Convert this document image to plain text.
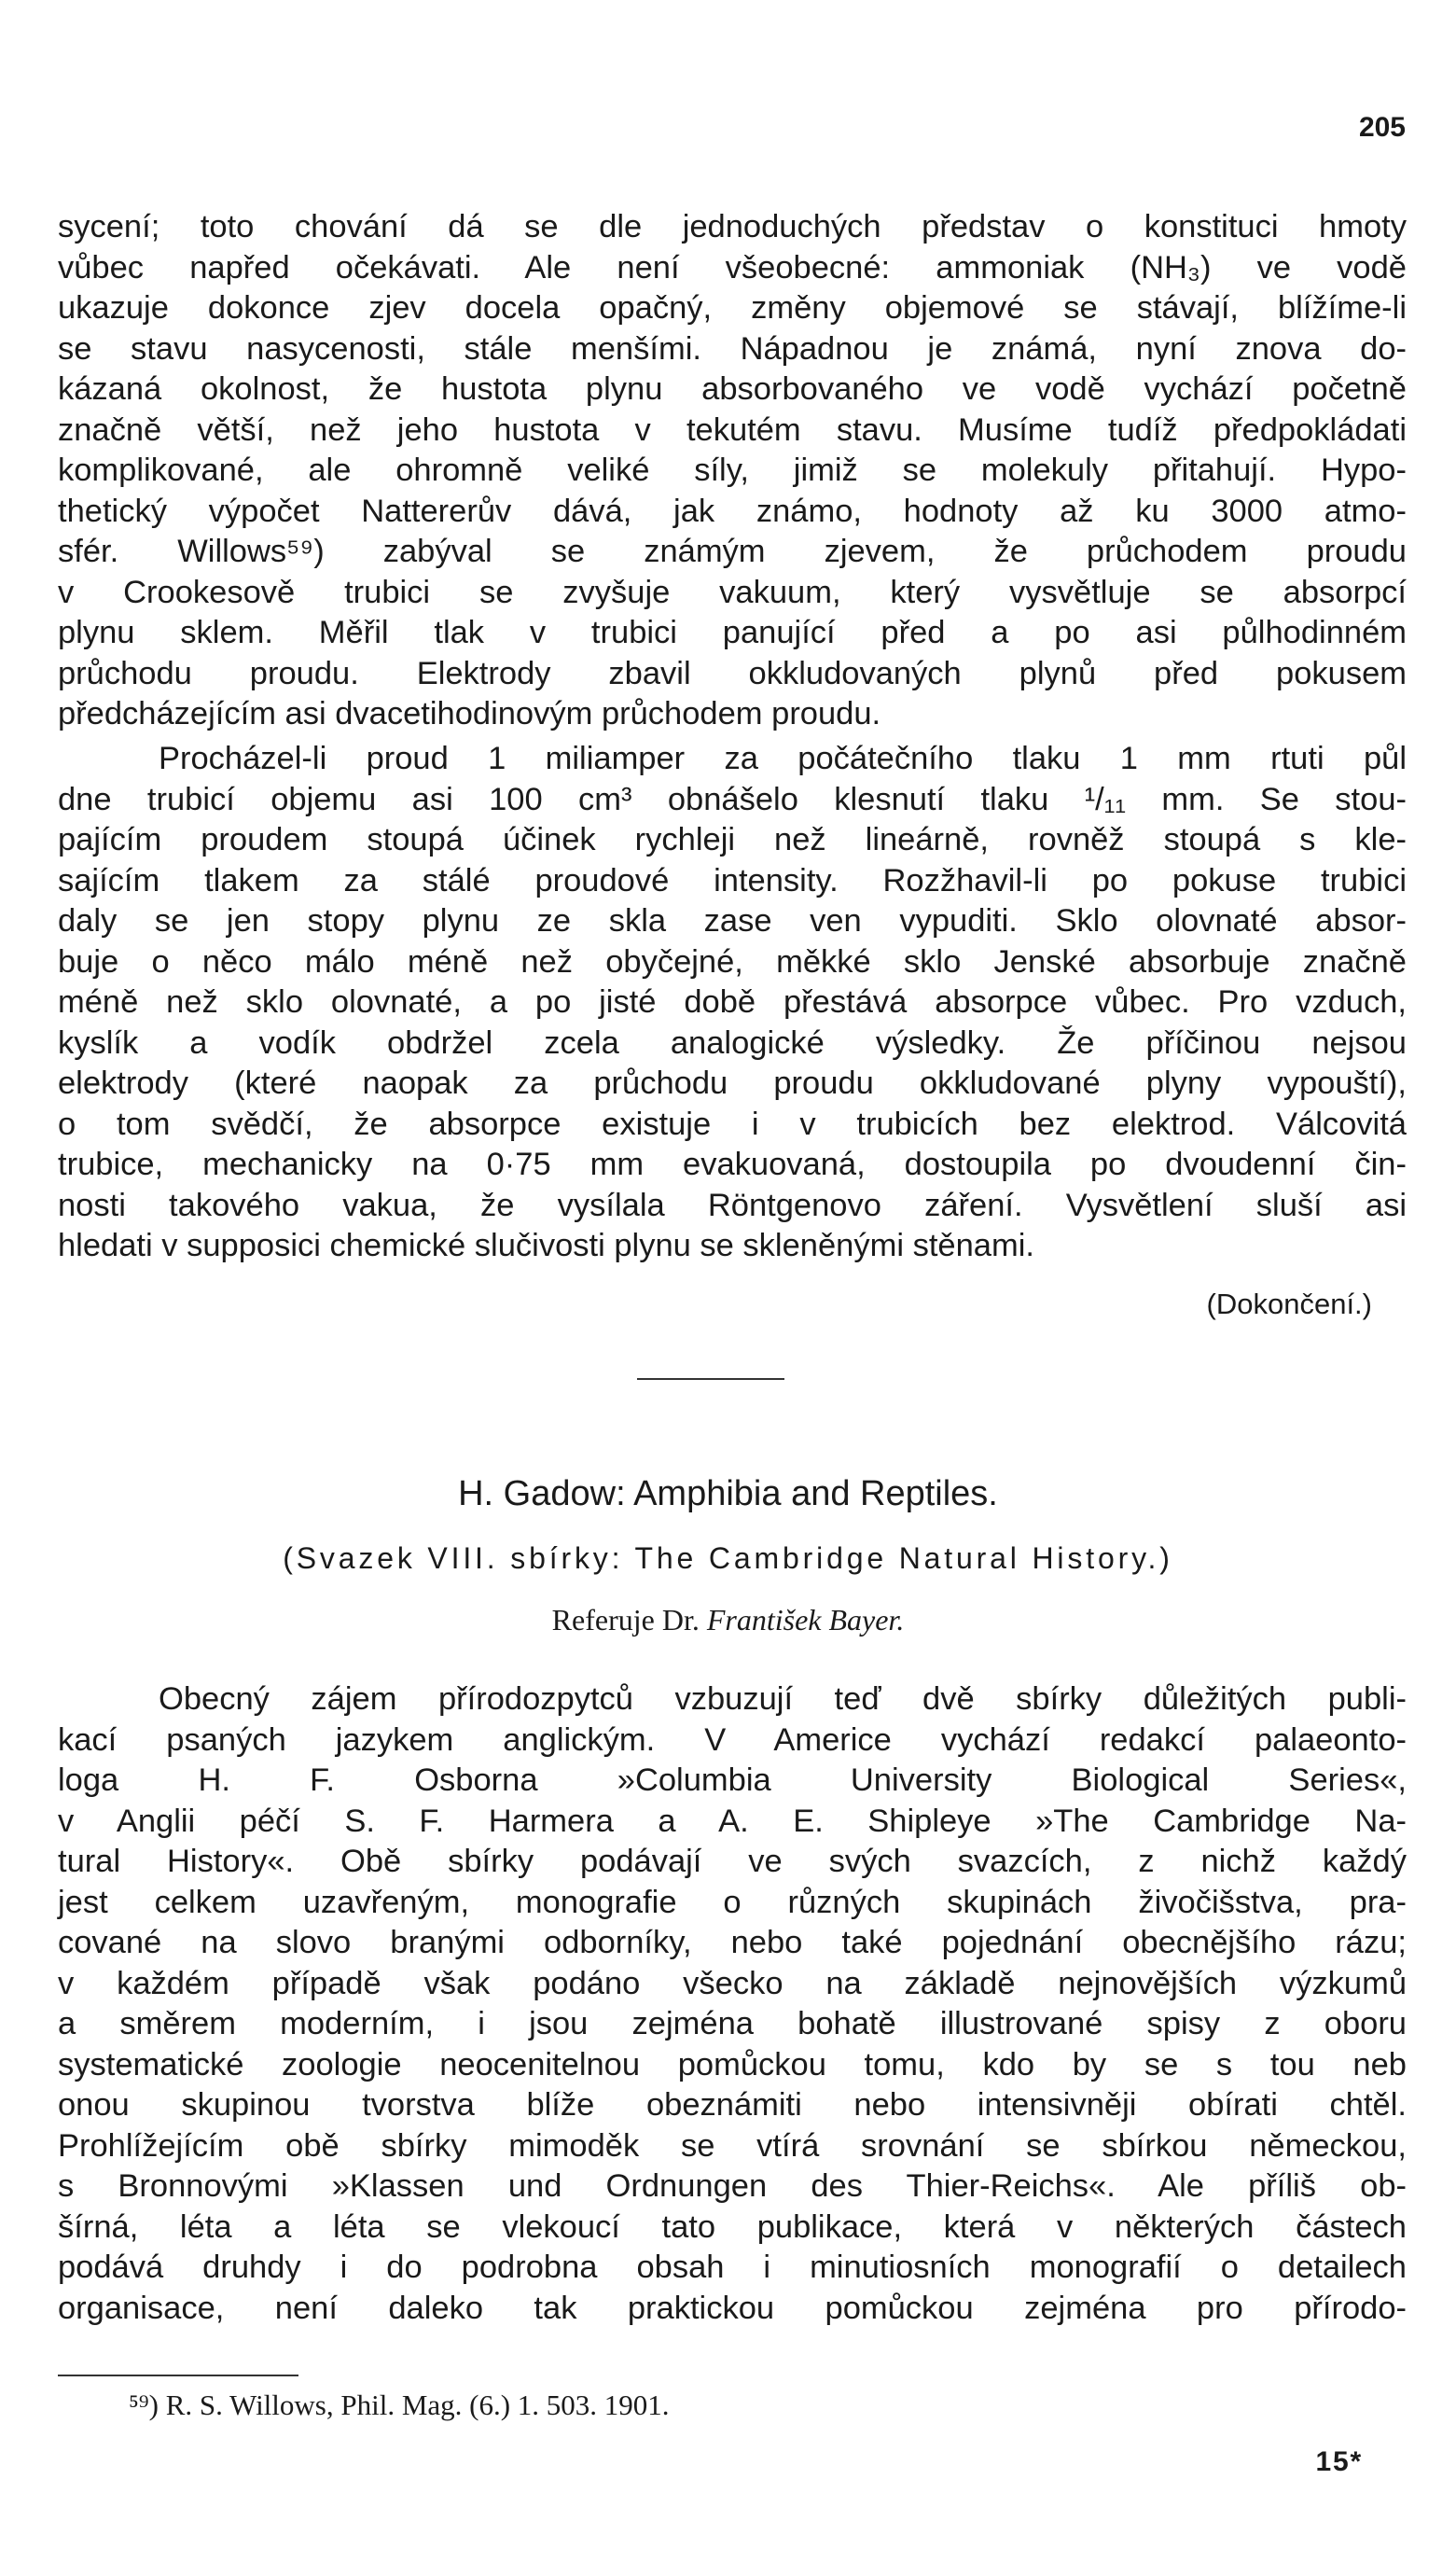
205
sycení; toto chování dá se dle jednoduchých představ o konstituci hmoty
vůbec napřed očekávati. Ale není všeobecné: ammoniak (NH₃) ve vodě
ukazuje dokonce zjev docela opačný, změny objemové se stávají, blížíme-li
se stavu nasycenosti, stále menšími. Nápadnou je známá, nyní znova do-
kázaná okolnost, že hustota plynu absorbovaného ve vodě vychází početně
značně větší, než jeho hustota v tekutém stavu. Musíme tudíž předpokládati
komplikované, ale ohromně veliké síly, jimiž se molekuly přitahují. Hypo-
thetický výpočet Nattererův dává, jak známo, hodnoty až ku 3000 atmo-
sfér. Willows⁵⁹) zabýval se známým zjevem, že průchodem proudu
v Crookesově trubici se zvyšuje vakuum, který vysvětluje se absorpcí
plynu sklem. Měřil tlak v trubici panující před a po asi půlhodinném
průchodu proudu. Elektrody zbavil okkludovaných plynů před pokusem
předcházejícím asi dvacetihodinovým průchodem proudu.
Procházel-li proud 1 miliamper za počátečního tlaku 1 mm rtuti půl
dne trubicí objemu asi 100 cm³ obnášelo klesnutí tlaku ¹/₁₁ mm. Se stou-
pajícím proudem stoupá účinek rychleji než lineárně, rovněž stoupá s kle-
sajícím tlakem za stálé proudové intensity. Rozžhavil-li po pokuse trubici
daly se jen stopy plynu ze skla zase ven vypuditi. Sklo olovnaté absor-
buje o něco málo méně než obyčejné, měkké sklo Jenské absorbuje značně
méně než sklo olovnaté, a po jisté době přestává absorpce vůbec. Pro vzduch,
kyslík a vodík obdržel zcela analogické výsledky. Že příčinou nejsou
elektrody (které naopak za průchodu proudu okkludované plyny vypouští),
o tom svědčí, že absorpce existuje i v trubicích bez elektrod. Válcovitá
trubice, mechanicky na 0·75 mm evakuovaná, dostoupila po dvoudenní čin-
nosti takového vakua, že vysílala Röntgenovo záření. Vysvětlení sluší asi
hledati v supposici chemické slučivosti plynu se skleněnými stěnami.
(Dokončení.)
H. Gadow: Amphibia and Reptiles.
(Svazek VIII. sbírky: The Cambridge Natural History.)
Referuje Dr. František Bayer.
Obecný zájem přírodozpytců vzbuzují teď dvě sbírky důležitých publi-
kací psaných jazykem anglickým. V Americe vychází redakcí palaeonto-
loga H. F. Osborna »Columbia University Biological Series«,
v Anglii péčí S. F. Harmera a A. E. Shipleye »The Cambridge Na-
tural History«. Obě sbírky podávají ve svých svazcích, z nichž každý
jest celkem uzavřeným, monografie o různých skupinách živočišstva, pra-
cované na slovo branými odborníky, nebo také pojednání obecnějšího rázu;
v každém případě však podáno všecko na základě nejnovějších výzkumů
a směrem moderním, i jsou zejména bohatě illustrované spisy z oboru
systematické zoologie neocenitelnou pomůckou tomu, kdo by se s tou neb
onou skupinou tvorstva blíže obeznámiti nebo intensivněji obírati chtěl.
Prohlížejícím obě sbírky mimoděk se vtírá srovnání se sbírkou německou,
s Bronnovými »Klassen und Ordnungen des Thier-Reichs«. Ale příliš ob-
šírná, léta a léta se vlekoucí tato publikace, která v některých částech
podává druhdy i do podrobna obsah i minutiosních monografií o detailech
organisace, není daleko tak praktickou pomůckou zejména pro přírodo-
⁵⁹) R. S. Willows, Phil. Mag. (6.) 1. 503. 1901.
15*
